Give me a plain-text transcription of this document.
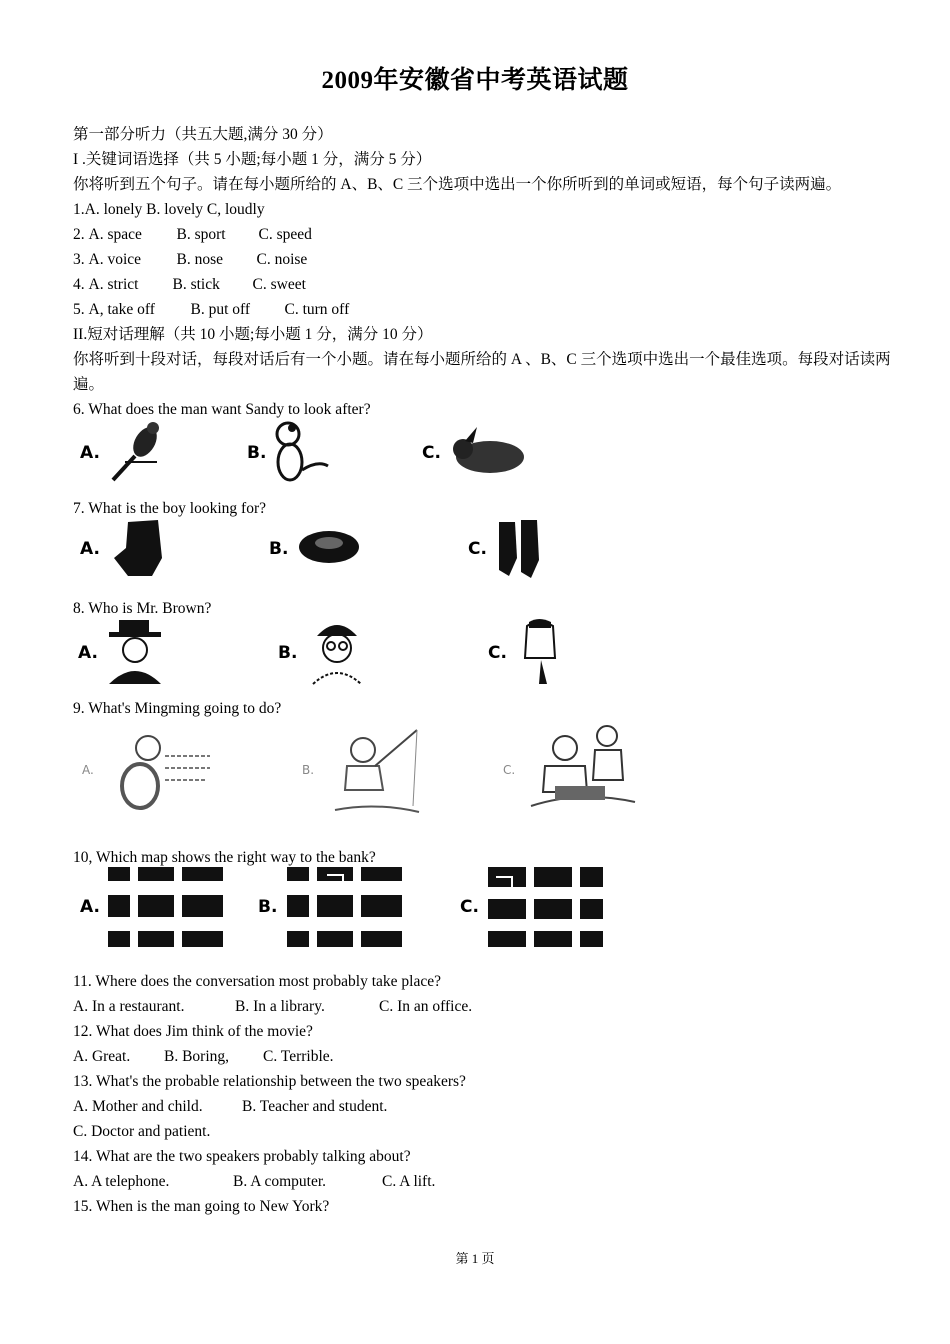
2009年安徽省中考英语试题
第一部分听力（共五大题,满分 30 分）
I .关键词语选择（共 5 小题;每小题 1 分，满分 5 分）
你将听到五个句子。请在每小题所给的 A、B、C 三个选项中选出一个你所听到的单词或短语，每个句子读两遍。
1.A. lonely B. lovely C, loudly
2. A. space B. sport C. speed
3. A. voice B. nose C. noise
4. A. strict B. stick C. sweet
5. A, take off B. put off C. turn off
II.短对话理解（共 10 小题;每小题 1 分，满分 10 分）
你将听到十段对话，每段对话后有一个小题。请在每小题所给的 A 、B、C 三个选项中选出一个最佳选项。每段对话读两遍。
6. What does the man want Sandy to look after?
A.	B.	C.
7. What is the boy looking for?
A.	B.	C.
8. Who is Mr. Brown?
A.	B.	C.
9. What's Mingming going to do?
A.	B.	C.
10, Which map shows the right way to the bank?
A.	B.	C.
11. Where does the conversation most probably take place?
A. In a restaurant.	B. In a library.	C. In an office.
12. What does Jim think of the movie?
A. Great. B. Boring, C. Terrible.
13. What's the probable relationship between the two speakers?
A. Mother and child.	B. Teacher and student.
C. Doctor and patient.
14. What are the two speakers probably talking about?
A. A telephone.	B. A computer.	C. A lift.
15. When is the man going to New York?
第 1 页
